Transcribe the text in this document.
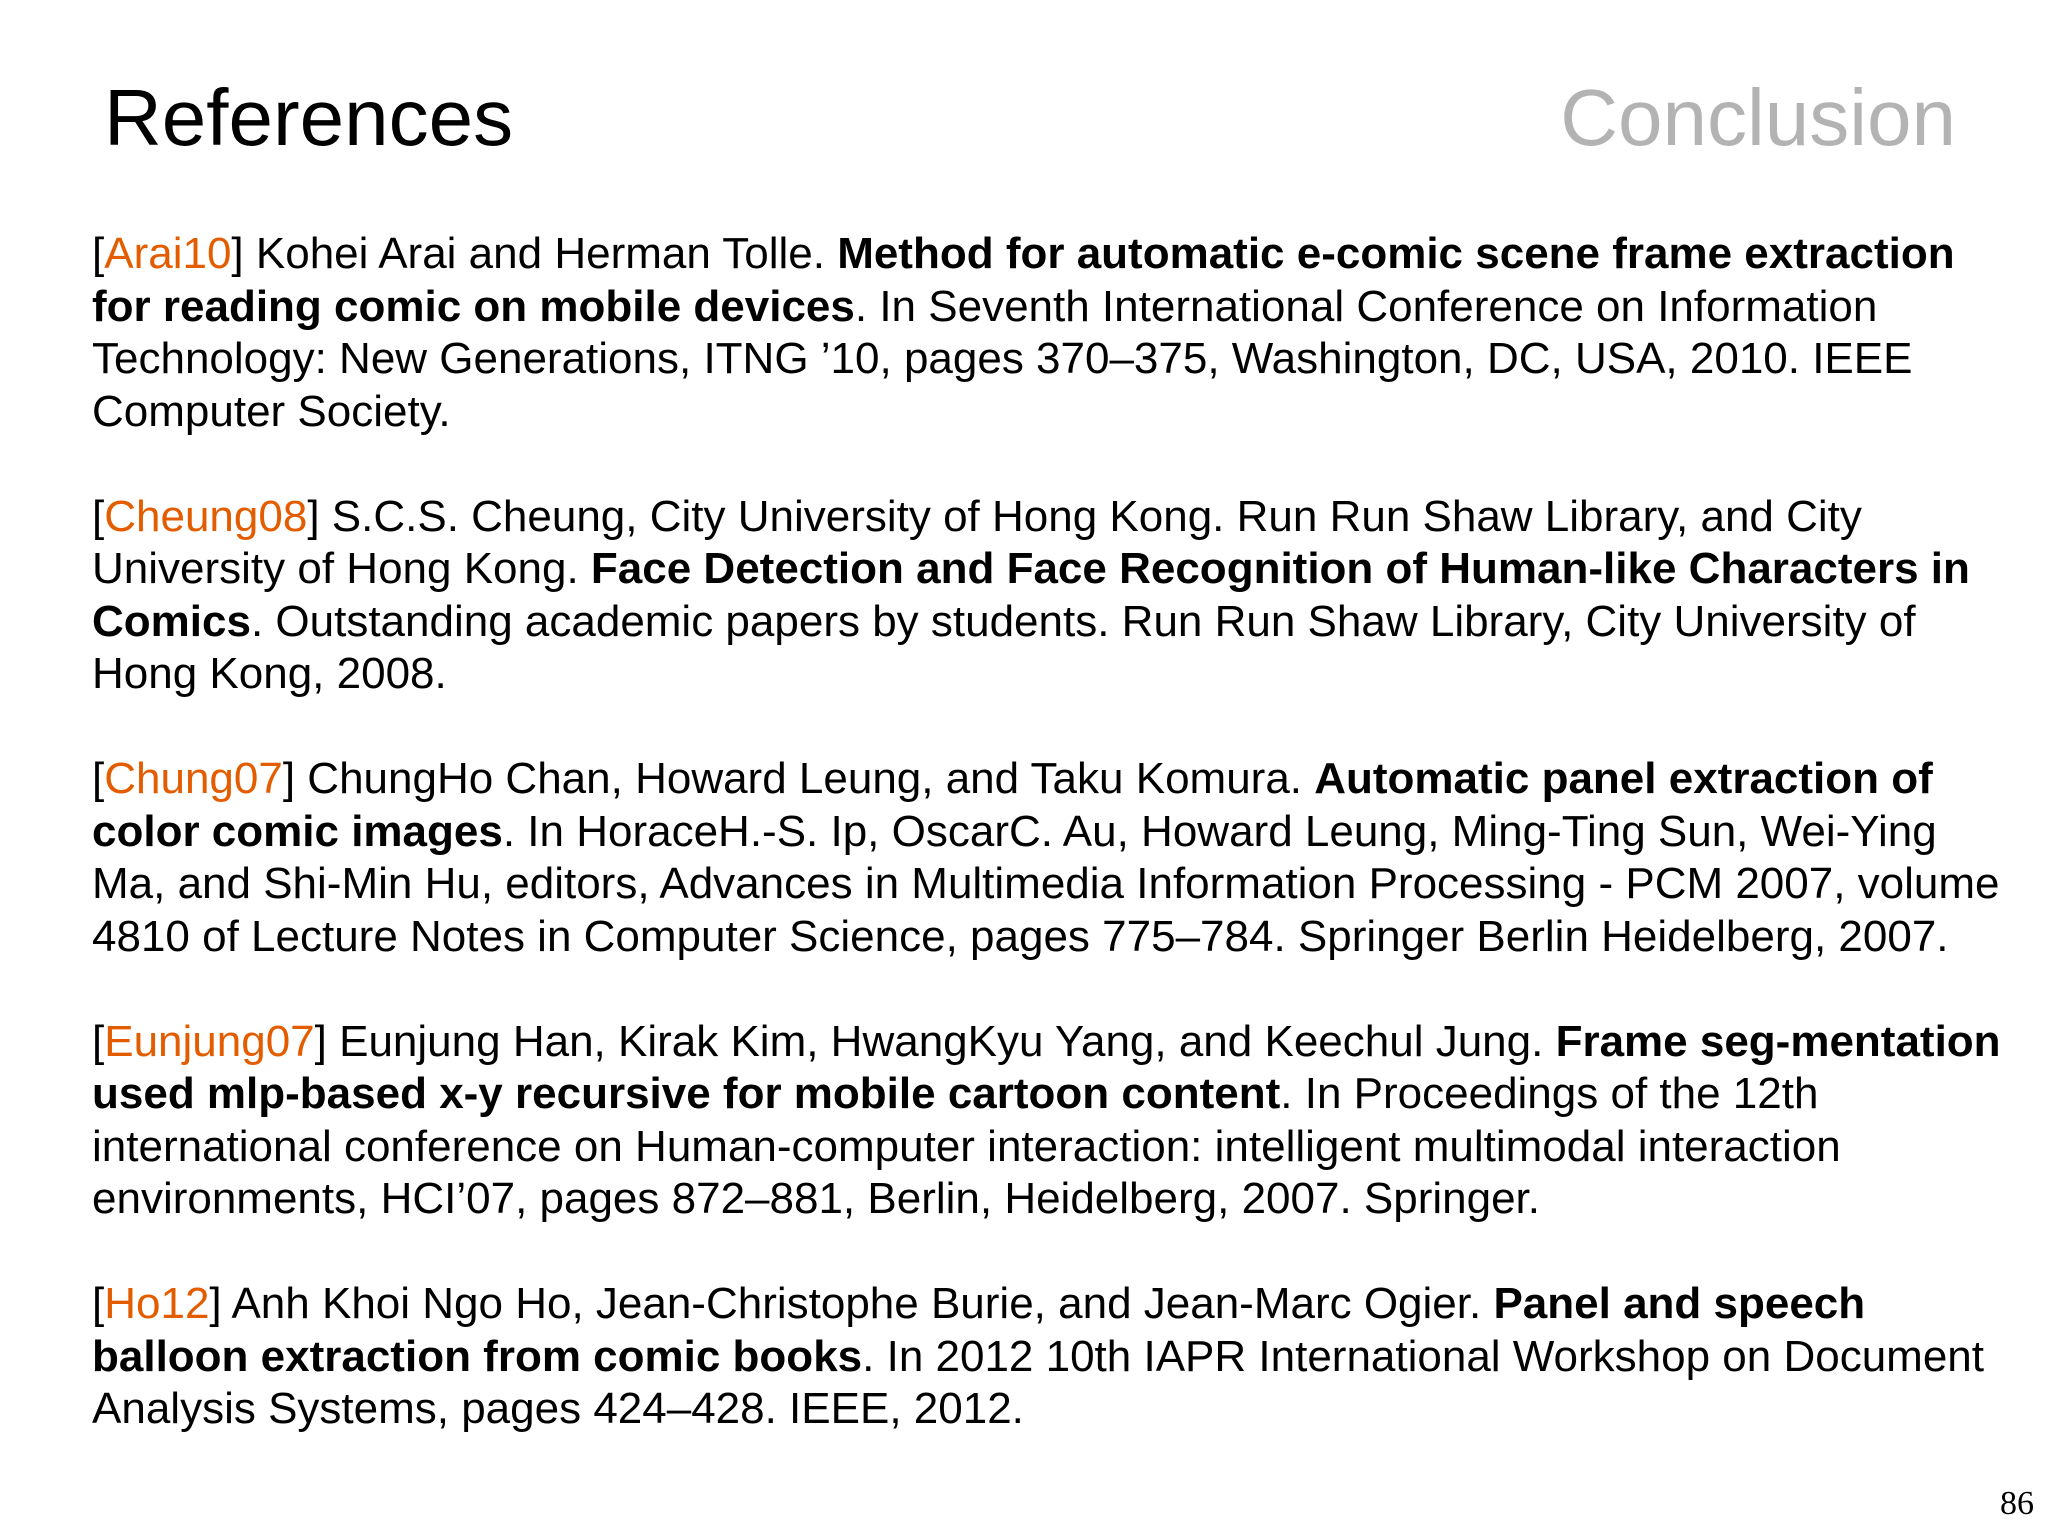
References	Conclusion

[Arai10] Kohei Arai and Herman Tolle. Method for automatic e-comic scene frame extraction for reading comic on mobile devices. In Seventh International Conference on Information Technology: New Generations, ITNG ’10, pages 370–375, Washington, DC, USA, 2010. IEEE Computer Society.

[Cheung08] S.C.S. Cheung, City University of Hong Kong. Run Run Shaw Library, and City University of Hong Kong. Face Detection and Face Recognition of Human-like Characters in Comics. Outstanding academic papers by students. Run Run Shaw Library, City University of Hong Kong, 2008.

[Chung07] ChungHo Chan, Howard Leung, and Taku Komura. Automatic panel extraction of color comic images. In HoraceH.-S. Ip, OscarC. Au, Howard Leung, Ming-Ting Sun, Wei-Ying Ma, and Shi-Min Hu, editors, Advances in Multimedia Information Processing - PCM 2007, volume 4810 of Lecture Notes in Computer Science, pages 775–784. Springer Berlin Heidelberg, 2007.

[Eunjung07] Eunjung Han, Kirak Kim, HwangKyu Yang, and Keechul Jung. Frame seg-mentation used mlp-based x-y recursive for mobile cartoon content. In Proceedings of the 12th international conference on Human-computer interaction: intelligent multimodal interaction environments, HCI’07, pages 872–881, Berlin, Heidelberg, 2007. Springer.

[Ho12] Anh Khoi Ngo Ho, Jean-Christophe Burie, and Jean-Marc Ogier. Panel and speech balloon extraction from comic books. In 2012 10th IAPR International Workshop on Document Analysis Systems, pages 424–428. IEEE, 2012.

86
